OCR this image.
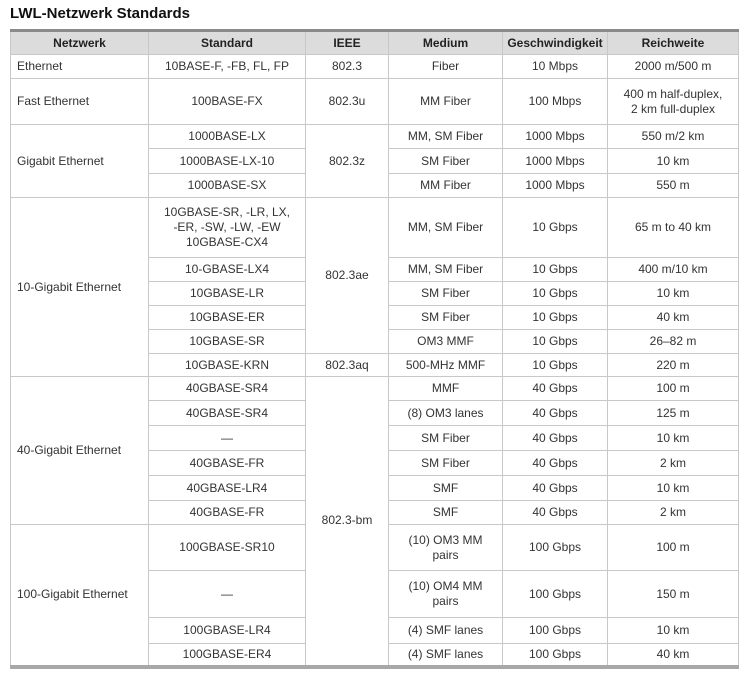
LWL-Netzwerk Standards
Netzwerk	Standard	IEEE	Medium	Geschwindigkeit	Reichweite
Ethernet	10BASE-F, -FB, FL, FP	802.3	Fiber	10 Mbps	2000 m/500 m
Fast Ethernet	100BASE-FX	802.3u	MM Fiber	100 Mbps	400 m half-duplex,
2 km full-duplex
Gigabit Ethernet	1000BASE-LX	802.3z	MM, SM Fiber	1000 Mbps	550 m/2 km
	1000BASE-LX-10		SM Fiber	1000 Mbps	10 km
	1000BASE-SX		MM Fiber	1000 Mbps	550 m
10-Gigabit Ethernet	10GBASE-SR, -LR, LX,
-ER, -SW, -LW, -EW
10GBASE-CX4	802.3ae	MM, SM Fiber	10 Gbps	65 m to 40 km
	10-GBASE-LX4		MM, SM Fiber	10 Gbps	400 m/10 km
	10GBASE-LR		SM Fiber	10 Gbps	10 km
	10GBASE-ER		SM Fiber	10 Gbps	40 km
	10GBASE-SR		OM3 MMF	10 Gbps	26–82 m
	10GBASE-KRN	802.3aq	500-MHz MMF	10 Gbps	220 m
40-Gigabit Ethernet	40GBASE-SR4	802.3-bm	MMF	40 Gbps	100 m
	40GBASE-SR4		(8) OM3 lanes	40 Gbps	125 m
	—		SM Fiber	40 Gbps	10 km
	40GBASE-FR		SM Fiber	40 Gbps	2 km
	40GBASE-LR4		SMF	40 Gbps	10 km
	40GBASE-FR		SMF	40 Gbps	2 km
100-Gigabit Ethernet	100GBASE-SR10		(10) OM3 MM
pairs	100 Gbps	100 m
	—		(10) OM4 MM
pairs	100 Gbps	150 m
	100GBASE-LR4		(4) SMF lanes	100 Gbps	10 km
	100GBASE-ER4		(4) SMF lanes	100 Gbps	40 km
